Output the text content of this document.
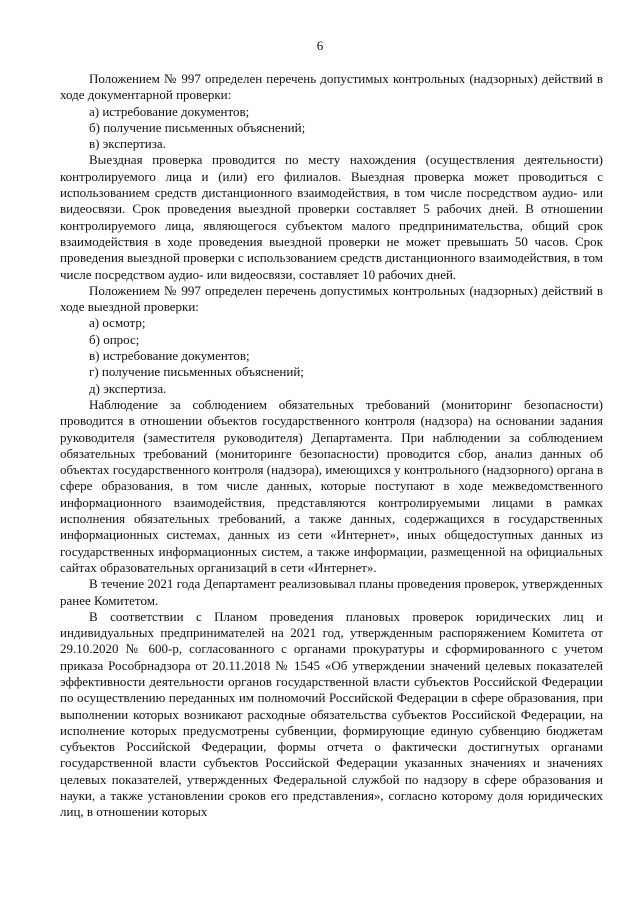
6

Положением № 997 определен перечень допустимых контрольных (надзорных) действий в ходе документарной проверки:

а) истребование документов;

б) получение письменных объяснений;

в) экспертиза.

Выездная проверка проводится по месту нахождения (осуществления деятельности) контролируемого лица и (или) его филиалов. Выездная проверка может проводиться с использованием средств дистанционного взаимодействия, в том числе посредством аудио- или видеосвязи. Срок проведения выездной проверки составляет 5 рабочих дней. В отношении контролируемого лица, являющегося субъектом малого предпринимательства, общий срок взаимодействия в ходе проведения выездной проверки не может превышать 50 часов. Срок проведения выездной проверки с использованием средств дистанционного взаимодействия, в том числе посредством аудио- или видеосвязи, составляет 10 рабочих дней.

Положением № 997 определен перечень допустимых контрольных (надзорных) действий в ходе выездной проверки:

а) осмотр;

б) опрос;

в) истребование документов;

г) получение письменных объяснений;

д) экспертиза.

Наблюдение за соблюдением обязательных требований (мониторинг безопасности) проводится в отношении объектов государственного контроля (надзора) на основании задания руководителя (заместителя руководителя) Департамента. При наблюдении за соблюдением обязательных требований (мониторинге безопасности) проводится сбор, анализ данных об объектах государственного контроля (надзора), имеющихся у контрольного (надзорного) органа в сфере образования, в том числе данных, которые поступают в ходе межведомственного информационного взаимодействия, представляются контролируемыми лицами в рамках исполнения обязательных требований, а также данных, содержащихся в государственных информационных системах, данных из сети «Интернет», иных общедоступных данных из государственных информационных систем, а также информации, размещенной на официальных сайтах образовательных организаций в сети «Интернет».

В течение 2021 года Департамент реализовывал планы проведения проверок, утвержденных ранее Комитетом.

В соответствии с Планом проведения плановых проверок юридических лиц и индивидуальных предпринимателей на 2021 год, утвержденным распоряжением Комитета от 29.10.2020 № 600-р, согласованного с органами прокуратуры и сформированного с учетом приказа Рособрнадзора от 20.11.2018 № 1545 «Об утверждении значений целевых показателей эффективности деятельности органов государственной власти субъектов Российской Федерации по осуществлению переданных им полномочий Российской Федерации в сфере образования, при выполнении которых возникают расходные обязательства субъектов Российской Федерации, на исполнение которых предусмотрены субвенции, формирующие единую субвенцию бюджетам субъектов Российской Федерации, формы отчета о фактически достигнутых органами государственной власти субъектов Российской Федерации указанных значениях и значениях целевых показателей, утвержденных Федеральной службой по надзору в сфере образования и науки, а также установлении сроков его представления», согласно которому доля юридических лиц, в отношении которых
